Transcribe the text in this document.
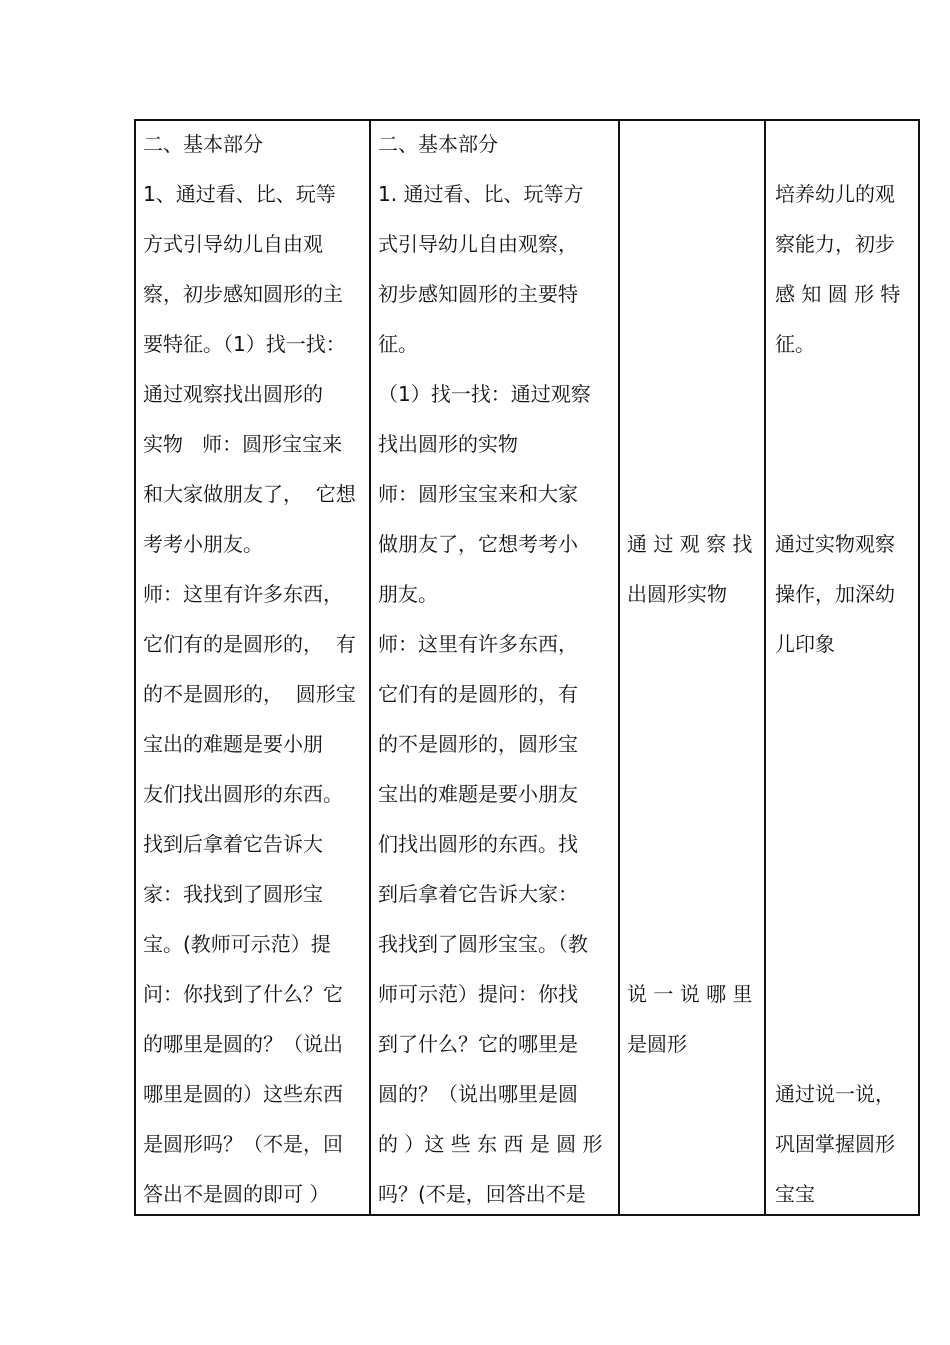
二、基本部分
1、通过看、比、玩等
方式引导幼儿自由观
察，初步感知圆形的主
要特征。（1）找一找：
通过观察找出圆形的
实物   师：圆形宝宝来
和大家做朋友了，  它想
考考小朋友。
师：这里有许多东西，
它们有的是圆形的，  有
的不是圆形的，  圆形宝
宝出的难题是要小朋
友们找出圆形的东西。
找到后拿着它告诉大
家：我找到了圆形宝
宝。(教师可示范）提
问：你找到了什么？它
的哪里是圆的？（说出
哪里是圆的）这些东西
是圆形吗？（不是，回
答出不是圆的即可 ）
二、基本部分
1. 通过看、比、玩等方
式引导幼儿自由观察，
初步感知圆形的主要特
征。
（1）找一找：通过观察
找出圆形的实物
师：圆形宝宝来和大家
做朋友了，它想考考小
朋友。
师：这里有许多东西，
它们有的是圆形的，有
的不是圆形的，圆形宝
宝出的难题是要小朋友
们找出圆形的东西。找
到后拿着它告诉大家：
我找到了圆形宝宝。（教
师可示范）提问：你找
到了什么？它的哪里是
圆的？（说出哪里是圆
的 ）这 些 东 西 是 圆 形
吗？(不是，回答出不是
通 过 观 察 找
出圆形实物
说 一 说 哪 里
是圆形
培养幼儿的观
察能力，初步
感 知 圆 形 特
征。
通过实物观察
操作，加深幼
儿印象
通过说一说，
巩固掌握圆形
宝宝
